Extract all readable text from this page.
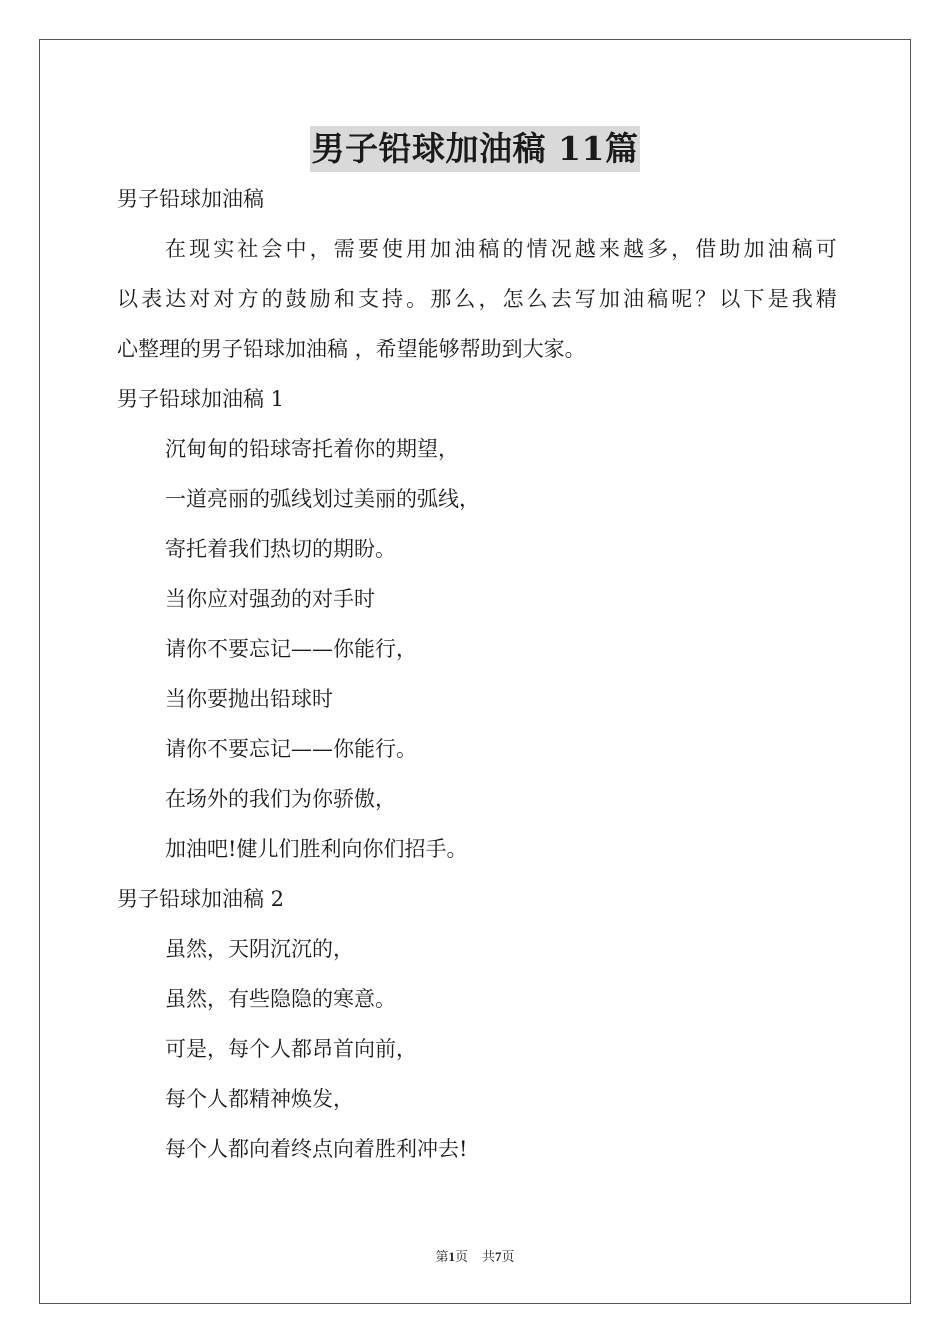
男子铅球加油稿 11篇
男子铅球加油稿
在现实社会中，需要使用加油稿的情况越来越多，借助加油稿可
以表达对对方的鼓励和支持。那么，怎么去写加油稿呢？以下是我精
心整理的男子铅球加油稿 ，希望能够帮助到大家。
男子铅球加油稿 1
沉甸甸的铅球寄托着你的期望，
一道亮丽的弧线划过美丽的弧线，
寄托着我们热切的期盼。
当你应对强劲的对手时
请你不要忘记——你能行，
当你要抛出铅球时
请你不要忘记——你能行。
在场外的我们为你骄傲，
加油吧!健儿们胜利向你们招手。
男子铅球加油稿 2
虽然，天阴沉沉的，
虽然，有些隐隐的寒意。
可是，每个人都昂首向前，
每个人都精神焕发，
每个人都向着终点向着胜利冲去!
第1页 共7页
